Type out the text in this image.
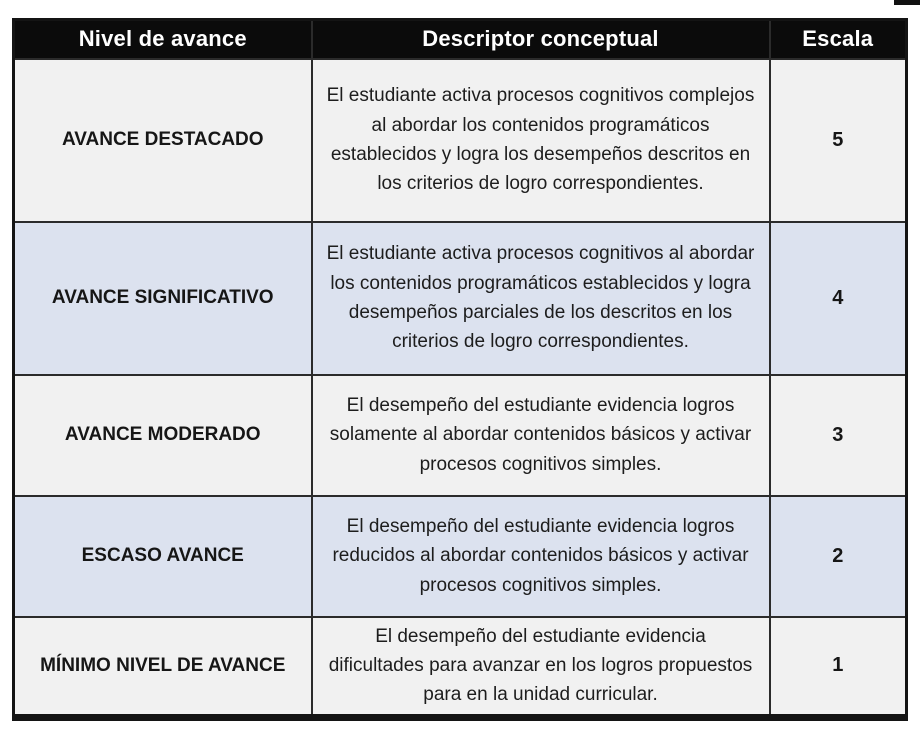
Nivel de avance	Descriptor conceptual	Escala
AVANCE DESTACADO	El estudiante activa procesos cognitivos complejos al abordar los contenidos programáticos establecidos y logra los desempeños descritos en los criterios de logro correspondientes.	5
AVANCE SIGNIFICATIVO	El estudiante activa procesos cognitivos al abordar los contenidos programáticos establecidos y logra desempeños parciales de los descritos en los criterios de logro correspondientes.	4
AVANCE MODERADO	El desempeño del estudiante evidencia logros solamente al abordar contenidos básicos y activar procesos cognitivos simples.	3
ESCASO AVANCE	El desempeño del estudiante evidencia logros reducidos al abordar contenidos básicos y activar procesos cognitivos simples.	2
MÍNIMO NIVEL DE AVANCE	El desempeño del estudiante evidencia dificultades para avanzar en los logros propuestos para en la unidad curricular.	1
